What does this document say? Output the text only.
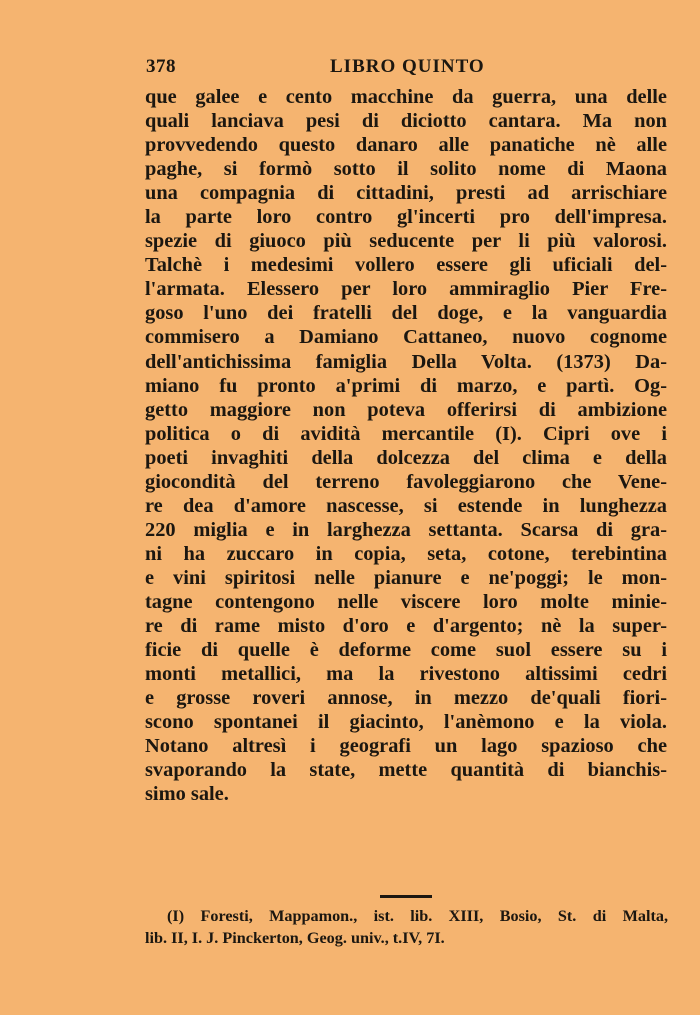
378	LIBRO QUINTO
que galee e cento macchine da guerra, una delle
quali lanciava pesi di diciotto cantara. Ma non
provvedendo questo danaro alle panatiche nè alle
paghe, si formò sotto il solito nome di Maona
una compagnia di cittadini, presti ad arrischiare
la parte loro contro gl'incerti pro dell'impresa.
spezie di giuoco più seducente per li più valorosi.
Talchè i medesimi vollero essere gli uficiali del-
l'armata. Elessero per loro ammiraglio Pier Fre-
goso l'uno dei fratelli del doge, e la vanguardia
commisero a Damiano Cattaneo, nuovo cognome
dell'antichissima famiglia Della Volta. (1373) Da-
miano fu pronto a'primi di marzo, e partì. Og-
getto maggiore non poteva offerirsi di ambizione
politica o di avidità mercantile (I). Cipri ove i
poeti invaghiti della dolcezza del clima e della
giocondità del terreno favoleggiarono che Vene-
re dea d'amore nascesse, si estende in lunghezza
220 miglia e in larghezza settanta. Scarsa di gra-
ni ha zuccaro in copia, seta, cotone, terebintina
e vini spiritosi nelle pianure e ne'poggi; le mon-
tagne contengono nelle viscere loro molte minie-
re di rame misto d'oro e d'argento; nè la super-
ficie di quelle è deforme come suol essere su i
monti metallici, ma la rivestono altissimi cedri
e grosse roveri annose, in mezzo de'quali fiori-
scono spontanei il giacinto, l'anèmono e la viola.
Notano altresì i geografi un lago spazioso che
svaporando la state, mette quantità di bianchis-
simo sale.
(I) Foresti, Mappamon., ist. lib. XIII, Bosio, St. di Malta,
lib. II, I. J. Pinckerton, Geog. univ., t.IV, 7I.
